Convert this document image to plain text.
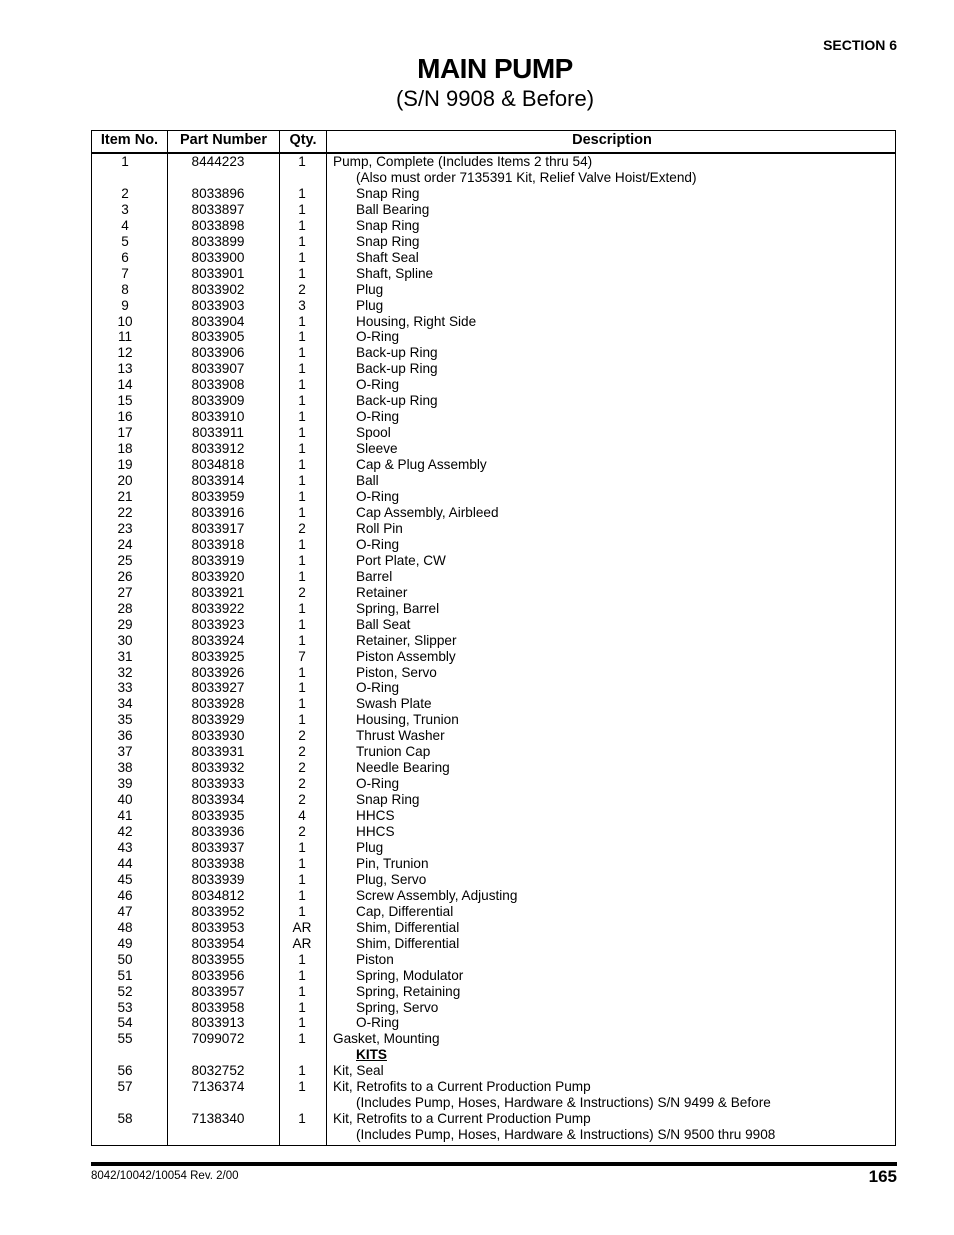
SECTION 6
MAIN PUMP
(S/N 9908 & Before)
Item No.	Part Number	Qty.	Description
1	8444223	1	Pump, Complete (Includes Items 2 thru 54)
(Also must order 7135391 Kit, Relief Valve Hoist/Extend)
2	8033896	1	Snap Ring
3	8033897	1	Ball Bearing
4	8033898	1	Snap Ring
5	8033899	1	Snap Ring
6	8033900	1	Shaft Seal
7	8033901	1	Shaft, Spline
8	8033902	2	Plug
9	8033903	3	Plug
10	8033904	1	Housing, Right Side
11	8033905	1	O-Ring
12	8033906	1	Back-up Ring
13	8033907	1	Back-up Ring
14	8033908	1	O-Ring
15	8033909	1	Back-up Ring
16	8033910	1	O-Ring
17	8033911	1	Spool
18	8033912	1	Sleeve
19	8034818	1	Cap & Plug Assembly
20	8033914	1	Ball
21	8033959	1	O-Ring
22	8033916	1	Cap Assembly, Airbleed
23	8033917	2	Roll Pin
24	8033918	1	O-Ring
25	8033919	1	Port Plate, CW
26	8033920	1	Barrel
27	8033921	2	Retainer
28	8033922	1	Spring, Barrel
29	8033923	1	Ball Seat
30	8033924	1	Retainer, Slipper
31	8033925	7	Piston Assembly
32	8033926	1	Piston, Servo
33	8033927	1	O-Ring
34	8033928	1	Swash Plate
35	8033929	1	Housing, Trunion
36	8033930	2	Thrust Washer
37	8033931	2	Trunion Cap
38	8033932	2	Needle Bearing
39	8033933	2	O-Ring
40	8033934	2	Snap Ring
41	8033935	4	HHCS
42	8033936	2	HHCS
43	8033937	1	Plug
44	8033938	1	Pin, Trunion
45	8033939	1	Plug, Servo
46	8034812	1	Screw Assembly, Adjusting
47	8033952	1	Cap, Differential
48	8033953	AR	Shim, Differential
49	8033954	AR	Shim, Differential
50	8033955	1	Piston
51	8033956	1	Spring, Modulator
52	8033957	1	Spring, Retaining
53	8033958	1	Spring, Servo
54	8033913	1	O-Ring
55	7099072	1	Gasket, Mounting
KITS
56	8032752	1	Kit, Seal
57	7136374	1	Kit, Retrofits to a Current Production Pump
(Includes Pump, Hoses, Hardware & Instructions) S/N 9499 & Before
58	7138340	1	Kit, Retrofits to a Current Production Pump
(Includes Pump, Hoses, Hardware & Instructions) S/N 9500 thru 9908
8042/10042/10054 Rev. 2/00	165
